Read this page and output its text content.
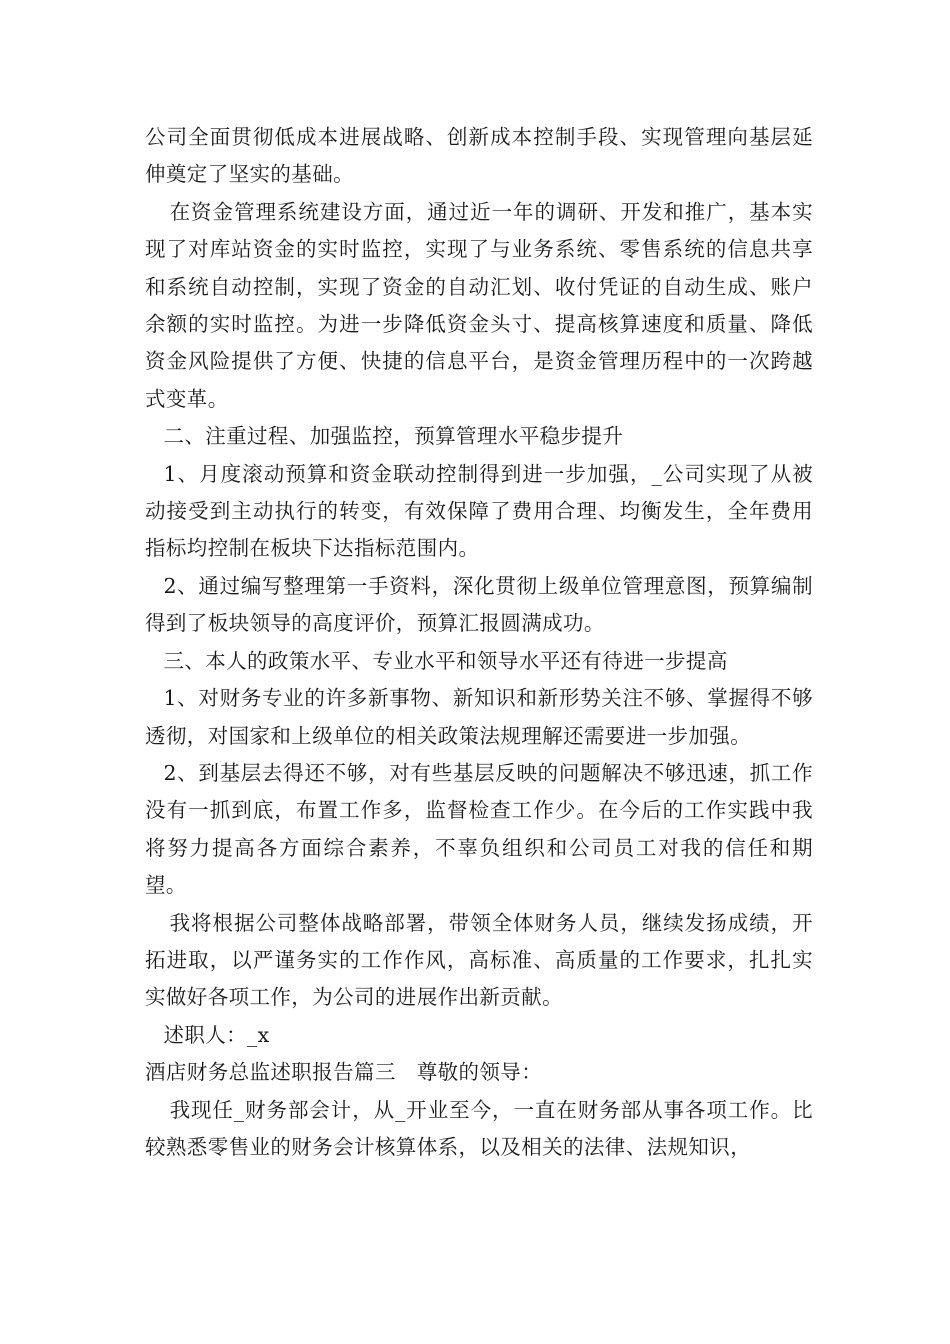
公司全面贯彻低成本进展战略、创新成本控制手段、实现管理向基层延伸奠定了坚实的基础。

在资金管理系统建设方面，通过近一年的调研、开发和推广，基本实现了对库站资金的实时监控，实现了与业务系统、零售系统的信息共享和系统自动控制，实现了资金的自动汇划、收付凭证的自动生成、账户余额的实时监控。为进一步降低资金头寸、提高核算速度和质量、降低资金风险提供了方便、快捷的信息平台，是资金管理历程中的一次跨越式变革。

二、注重过程、加强监控，预算管理水平稳步提升

1、月度滚动预算和资金联动控制得到进一步加强，_公司实现了从被动接受到主动执行的转变，有效保障了费用合理、均衡发生，全年费用指标均控制在板块下达指标范围内。

2、通过编写整理第一手资料，深化贯彻上级单位管理意图，预算编制得到了板块领导的高度评价，预算汇报圆满成功。

三、本人的政策水平、专业水平和领导水平还有待进一步提高

1、对财务专业的许多新事物、新知识和新形势关注不够、掌握得不够透彻，对国家和上级单位的相关政策法规理解还需要进一步加强。

2、到基层去得还不够，对有些基层反映的问题解决不够迅速，抓工作没有一抓到底，布置工作多，监督检查工作少。在今后的工作实践中我将努力提高各方面综合素养，不辜负组织和公司员工对我的信任和期望。

我将根据公司整体战略部署，带领全体财务人员，继续发扬成绩，开拓进取，以严谨务实的工作作风，高标准、高质量的工作要求，扎扎实实做好各项工作，为公司的进展作出新贡献。

述职人：_x

酒店财务总监述职报告篇三　尊敬的领导：

我现任_财务部会计，从_开业至今，一直在财务部从事各项工作。比较熟悉零售业的财务会计核算体系，以及相关的法律、法规知识，
